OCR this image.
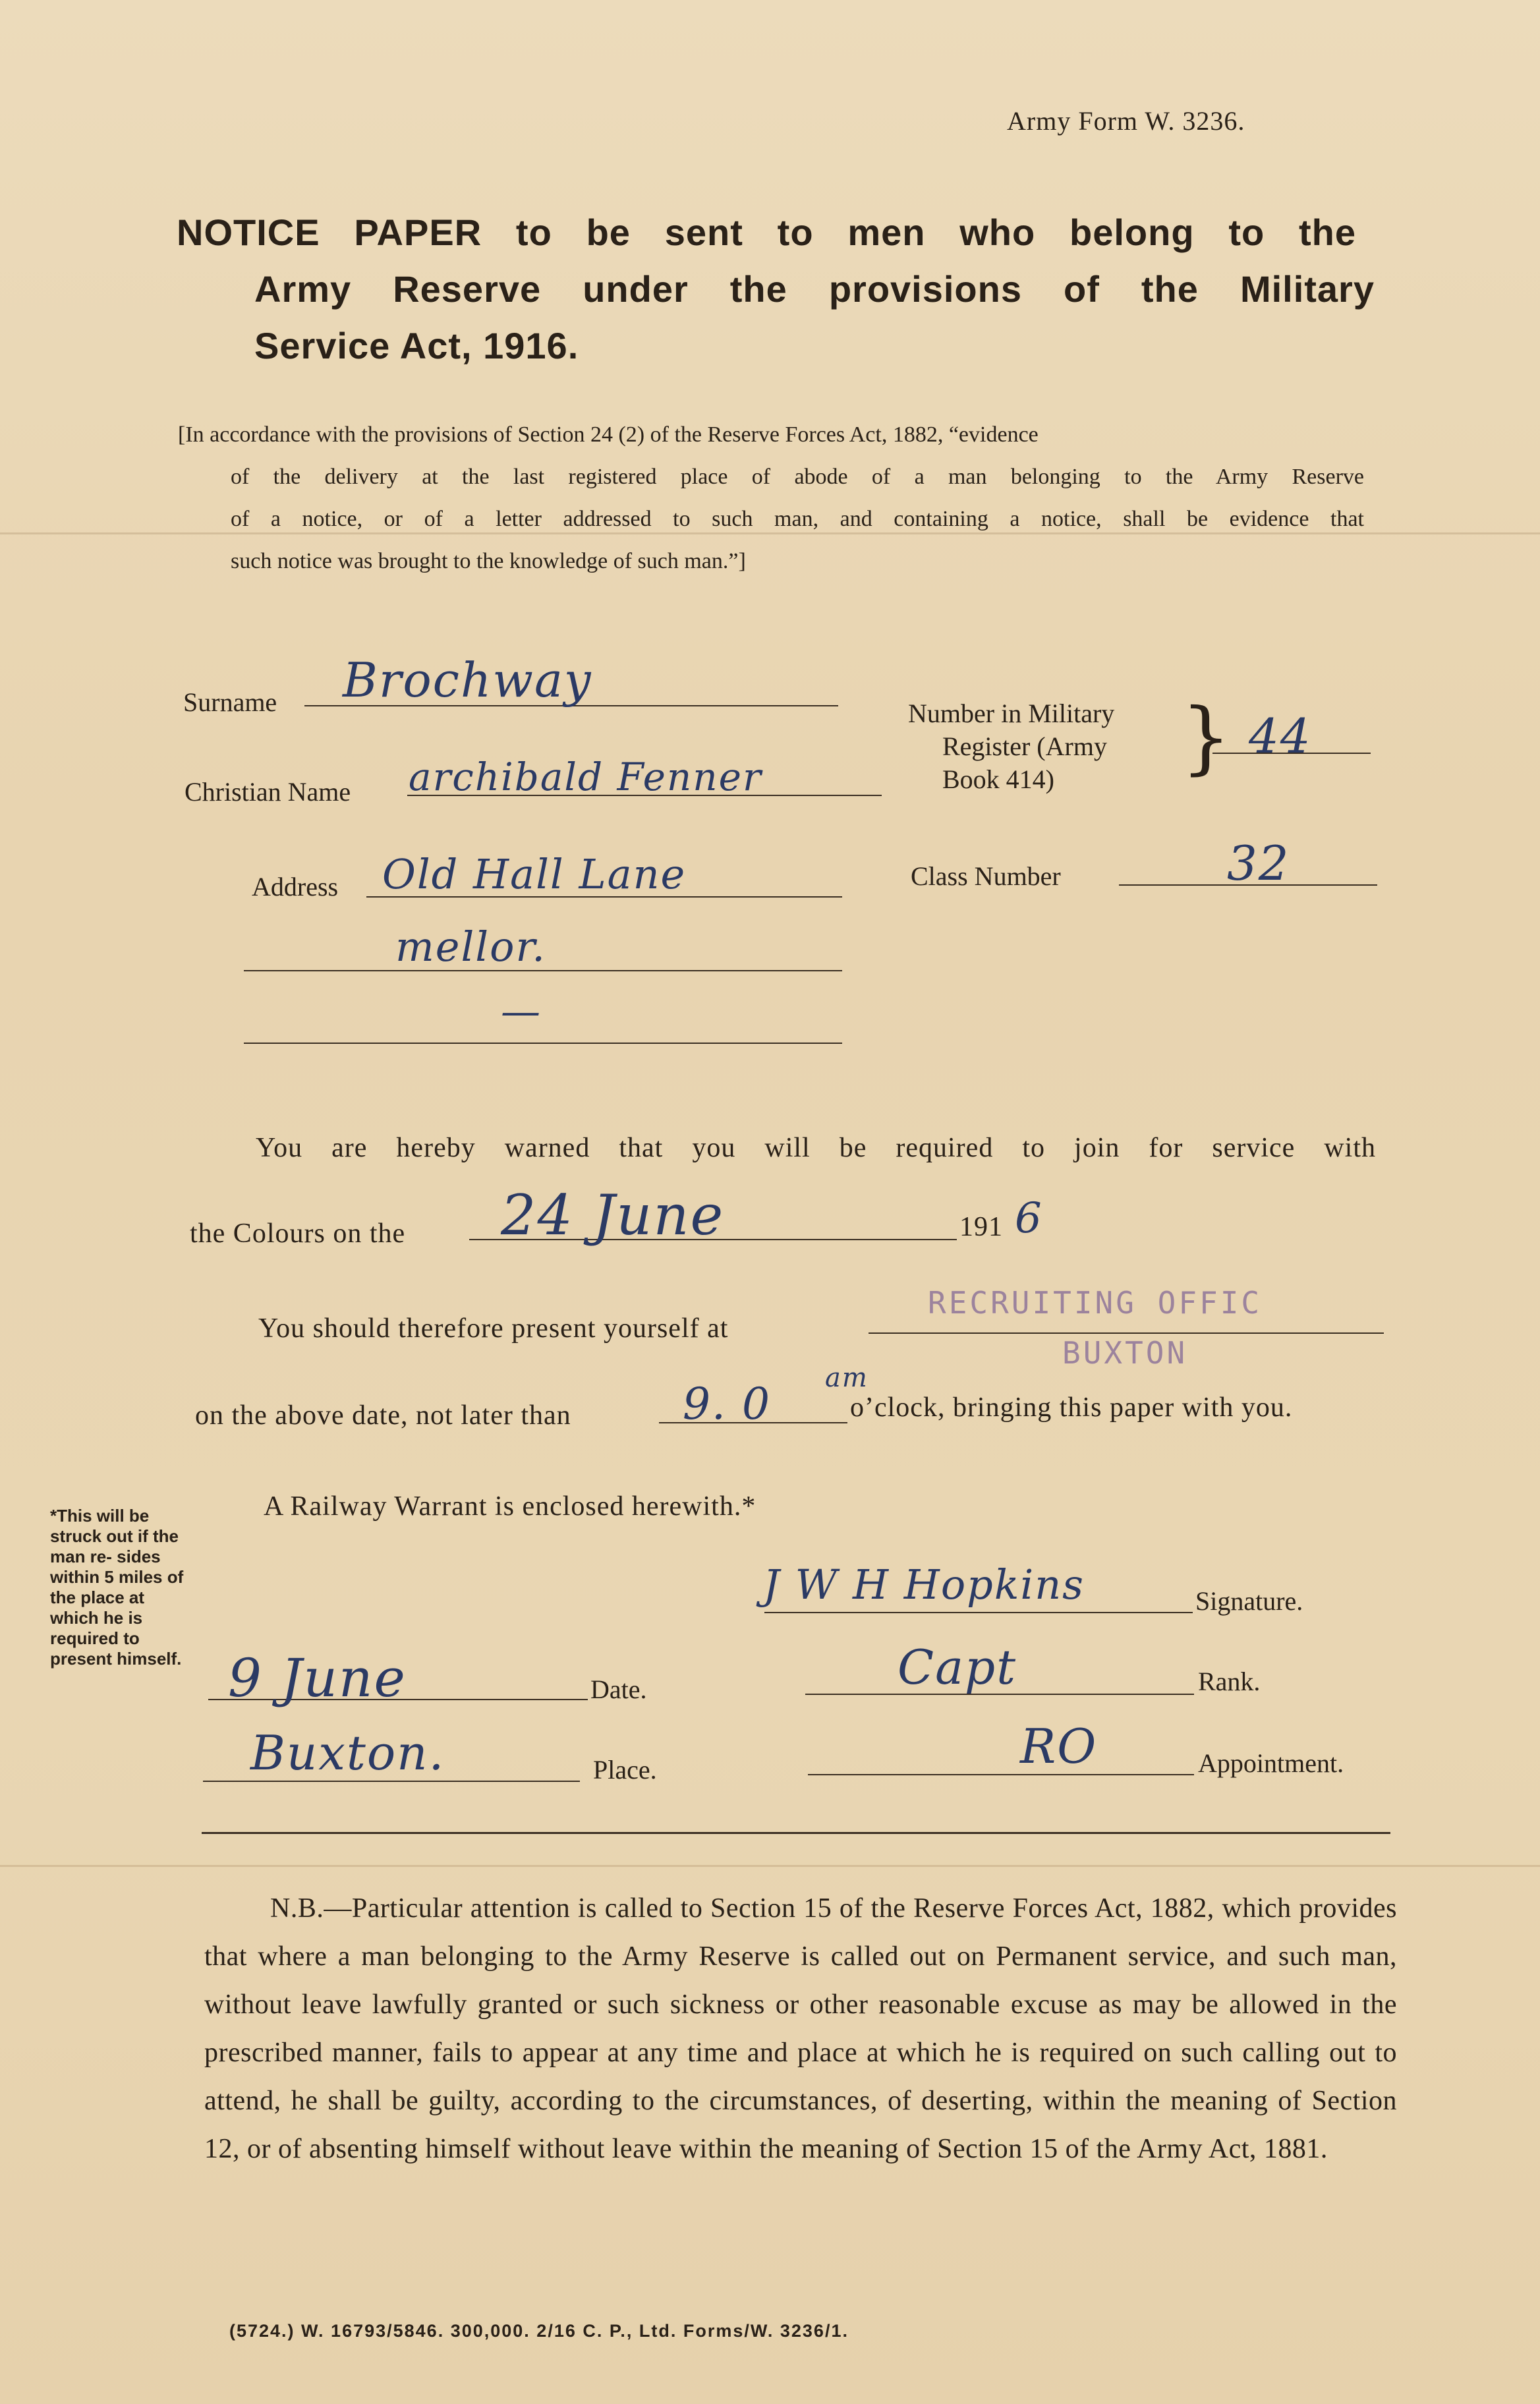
Army Form W. 3236.
NOTICE PAPER to be sent to men who belong to the
Army Reserve under the provisions of the Military
Service Act, 1916.
[In accordance with the provisions of Section 24 (2) of the Reserve Forces Act, 1882, “evidence
of the delivery at the last registered place of abode of a man belonging to the Army Reserve
of a notice, or of a letter addressed to such man, and containing a notice, shall be evidence that
such notice was brought to the knowledge of such man.”]
Surname Brochway
Christian Name archibald Fenner
Number in Military
Register (Army
Book 414)	} 44
Address Old Hall Lane
mellor.
—
Class Number	32
You are hereby warned that you will be required to join for service with
the Colours on the 24 June	191 6
You should therefore present yourself at
RECRUITING OFFIC
BUXTON
on the above date, not later than	9. 0
am
o’clock, bringing this paper with you.
A Railway Warrant is enclosed herewith.*
*This will be struck out if the man re- sides within 5 miles of the place at which he is required to present himself.
J W H Hopkins	Signature.
Capt	Rank.
RO	Appointment.
9 June	Date.
Buxton.	Place.
N.B.—Particular attention is called to Section 15 of the Reserve Forces Act, 1882, which provides that where a man belonging to the Army Reserve is called out on Permanent service, and such man, without leave lawfully granted or such sickness or other reasonable excuse as may be allowed in the prescribed manner, fails to appear at any time and place at which he is required on such calling out to attend, he shall be guilty, according to the circumstances, of deserting, within the meaning of Section 12, or of absenting himself without leave within the meaning of Section 15 of the Army Act, 1881.
(5724.) W. 16793/5846. 300,000. 2/16 C. P., Ltd. Forms/W. 3236/1.
